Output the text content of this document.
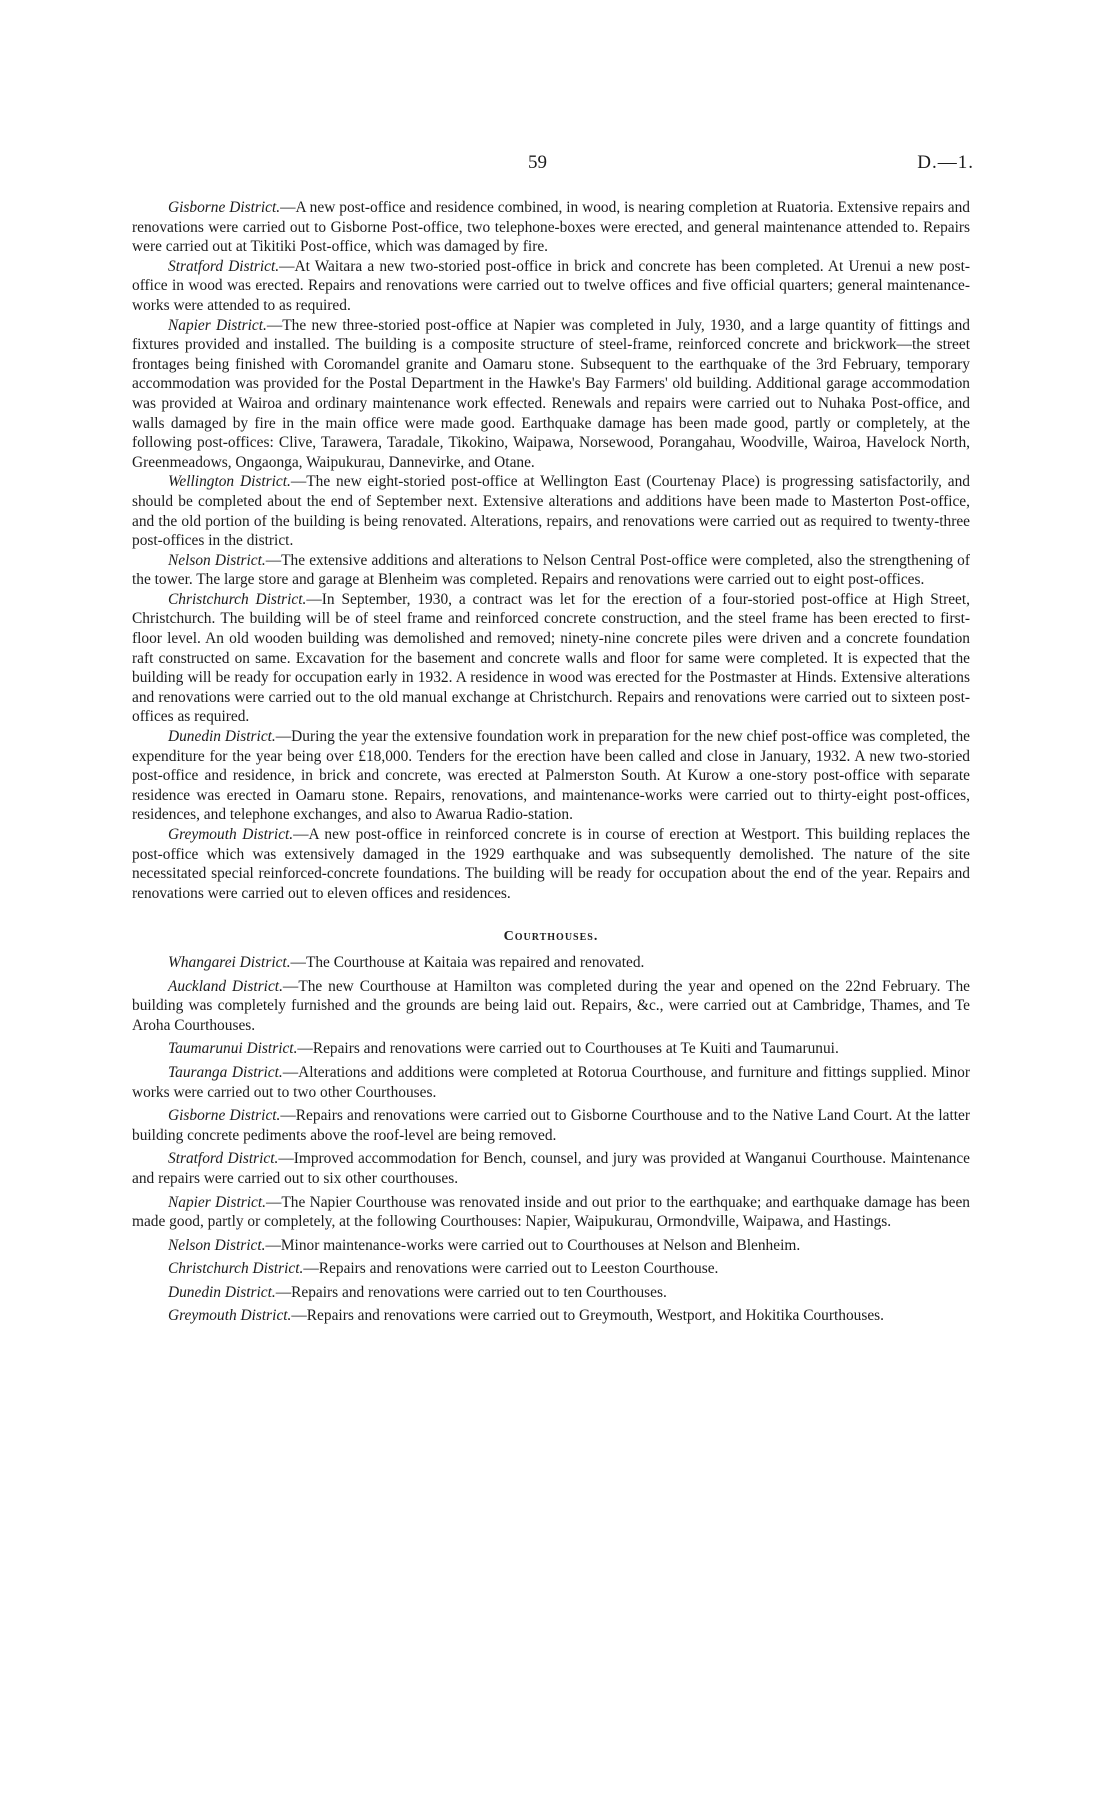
59	D.—1.

Gisborne District.—A new post-office and residence combined, in wood, is nearing completion at Ruatoria. Extensive repairs and renovations were carried out to Gisborne Post-office, two telephone-boxes were erected, and general maintenance attended to. Repairs were carried out at Tikitiki Post-office, which was damaged by fire.

Stratford District.—At Waitara a new two-storied post-office in brick and concrete has been completed. At Urenui a new post-office in wood was erected. Repairs and renovations were carried out to twelve offices and five official quarters; general maintenance-works were attended to as required.

Napier District.—The new three-storied post-office at Napier was completed in July, 1930, and a large quantity of fittings and fixtures provided and installed. The building is a composite structure of steel-frame, reinforced concrete and brickwork—the street frontages being finished with Coromandel granite and Oamaru stone. Subsequent to the earthquake of the 3rd February, temporary accommodation was provided for the Postal Department in the Hawke's Bay Farmers' old building. Additional garage accommodation was provided at Wairoa and ordinary maintenance work effected. Renewals and repairs were carried out to Nuhaka Post-office, and walls damaged by fire in the main office were made good. Earthquake damage has been made good, partly or completely, at the following post-offices: Clive, Tarawera, Taradale, Tikokino, Waipawa, Norsewood, Porangahau, Woodville, Wairoa, Havelock North, Greenmeadows, Ongaonga, Waipukurau, Dannevirke, and Otane.

Wellington District.—The new eight-storied post-office at Wellington East (Courtenay Place) is progressing satisfactorily, and should be completed about the end of September next. Extensive alterations and additions have been made to Masterton Post-office, and the old portion of the building is being renovated. Alterations, repairs, and renovations were carried out as required to twenty-three post-offices in the district.

Nelson District.—The extensive additions and alterations to Nelson Central Post-office were completed, also the strengthening of the tower. The large store and garage at Blenheim was completed. Repairs and renovations were carried out to eight post-offices.

Christchurch District.—In September, 1930, a contract was let for the erection of a four-storied post-office at High Street, Christchurch. The building will be of steel frame and reinforced concrete construction, and the steel frame has been erected to first-floor level. An old wooden building was demolished and removed; ninety-nine concrete piles were driven and a concrete foundation raft constructed on same. Excavation for the basement and concrete walls and floor for same were completed. It is expected that the building will be ready for occupation early in 1932. A residence in wood was erected for the Postmaster at Hinds. Extensive alterations and renovations were carried out to the old manual exchange at Christchurch. Repairs and renovations were carried out to sixteen post-offices as required.

Dunedin District.—During the year the extensive foundation work in preparation for the new chief post-office was completed, the expenditure for the year being over £18,000. Tenders for the erection have been called and close in January, 1932. A new two-storied post-office and residence, in brick and concrete, was erected at Palmerston South. At Kurow a one-story post-office with separate residence was erected in Oamaru stone. Repairs, renovations, and maintenance-works were carried out to thirty-eight post-offices, residences, and telephone exchanges, and also to Awarua Radio-station.

Greymouth District.—A new post-office in reinforced concrete is in course of erection at Westport. This building replaces the post-office which was extensively damaged in the 1929 earthquake and was subsequently demolished. The nature of the site necessitated special reinforced-concrete foundations. The building will be ready for occupation about the end of the year. Repairs and renovations were carried out to eleven offices and residences.

Courthouses.

Whangarei District.—The Courthouse at Kaitaia was repaired and renovated.

Auckland District.—The new Courthouse at Hamilton was completed during the year and opened on the 22nd February. The building was completely furnished and the grounds are being laid out. Repairs, &c., were carried out at Cambridge, Thames, and Te Aroha Courthouses.

Taumarunui District.—Repairs and renovations were carried out to Courthouses at Te Kuiti and Taumarunui.

Tauranga District.—Alterations and additions were completed at Rotorua Courthouse, and furniture and fittings supplied. Minor works were carried out to two other Courthouses.

Gisborne District.—Repairs and renovations were carried out to Gisborne Courthouse and to the Native Land Court. At the latter building concrete pediments above the roof-level are being removed.

Stratford District.—Improved accommodation for Bench, counsel, and jury was provided at Wanganui Courthouse. Maintenance and repairs were carried out to six other courthouses.

Napier District.—The Napier Courthouse was renovated inside and out prior to the earthquake; and earthquake damage has been made good, partly or completely, at the following Courthouses: Napier, Waipukurau, Ormondville, Waipawa, and Hastings.

Nelson District.—Minor maintenance-works were carried out to Courthouses at Nelson and Blenheim.

Christchurch District.—Repairs and renovations were carried out to Leeston Courthouse.

Dunedin District.—Repairs and renovations were carried out to ten Courthouses.

Greymouth District.—Repairs and renovations were carried out to Greymouth, Westport, and Hokitika Courthouses.
